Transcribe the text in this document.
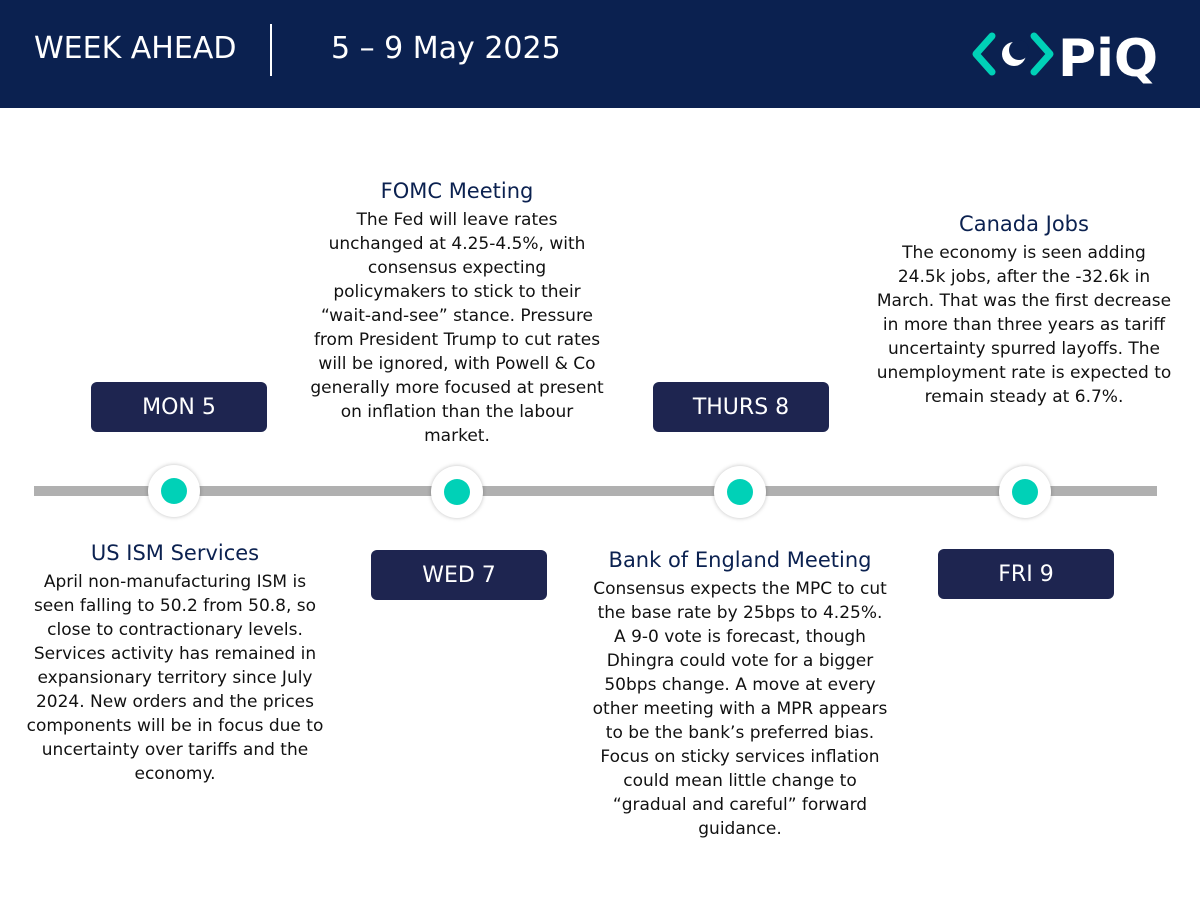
WEEK AHEAD	5 – 9 May 2025	PiQ
MON 5
WED 7
THURS 8
FRI 9
US ISM Services
April non-manufacturing ISM is seen falling to 50.2 from 50.8, so close to contractionary levels. Services activity has remained in expansionary territory since July 2024. New orders and the prices components will be in focus due to uncertainty over tariffs and the economy.
FOMC Meeting
The Fed will leave rates unchanged at 4.25-4.5%, with consensus expecting policymakers to stick to their “wait-and-see” stance. Pressure from President Trump to cut rates will be ignored, with Powell & Co generally more focused at present on inflation than the labour market.
Bank of England Meeting
Consensus expects the MPC to cut the base rate by 25bps to 4.25%. A 9-0 vote is forecast, though Dhingra could vote for a bigger 50bps change. A move at every other meeting with a MPR appears to be the bank’s preferred bias. Focus on sticky services inflation could mean little change to “gradual and careful” forward guidance.
Canada Jobs
The economy is seen adding 24.5k jobs, after the -32.6k in March. That was the first decrease in more than three years as tariff uncertainty spurred layoffs. The unemployment rate is expected to remain steady at 6.7%.
